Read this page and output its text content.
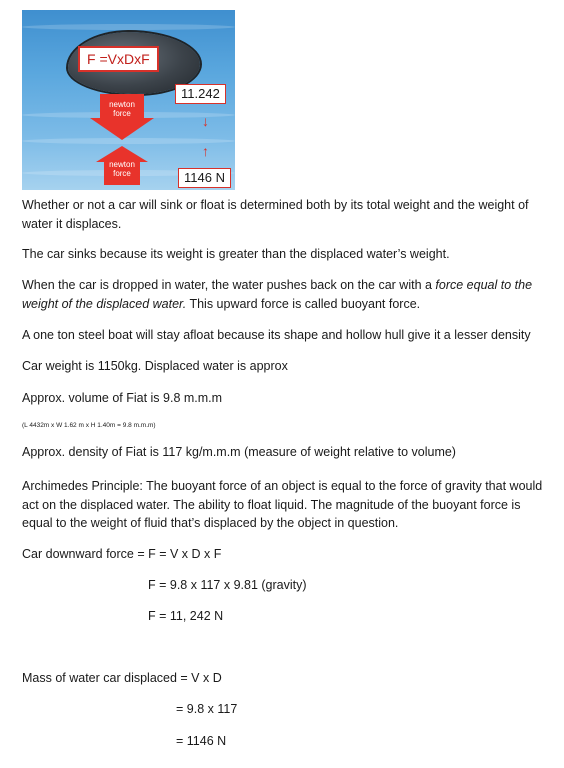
F =VxDxF
newton
force
newton
force
11.242
↓
↑
1146 N

Whether or not a car will sink or float is determined both by its total weight and the weight of water it displaces.

The car sinks because its weight is greater than the displaced water’s weight.

When the car is dropped in water, the water pushes back on the car with a force equal to the weight of the displaced water. This upward force is called buoyant force.

A one ton steel boat will stay afloat because its shape and hollow hull give it a lesser density

Car weight is 1150kg. Displaced water is approx

Approx. volume of Fiat is 9.8 m.m.m

(L 4432m x W 1.62 m x H 1.40m = 9.8 m.m.m)

Approx. density of Fiat is 117 kg/m.m.m (measure of weight relative to volume)

Archimedes Principle: The buoyant force of an object is equal to the force of gravity that would act on the displaced water. The ability to float liquid. The magnitude of the buoyant force is equal to the weight of fluid that’s displaced by the object in question.

Car downward force = F = V x D x F
F = 9.8 x 117 x 9.81 (gravity)
F = 11, 242 N
Mass of water car displaced = V x D
= 9.8 x 117
= 1146 N
